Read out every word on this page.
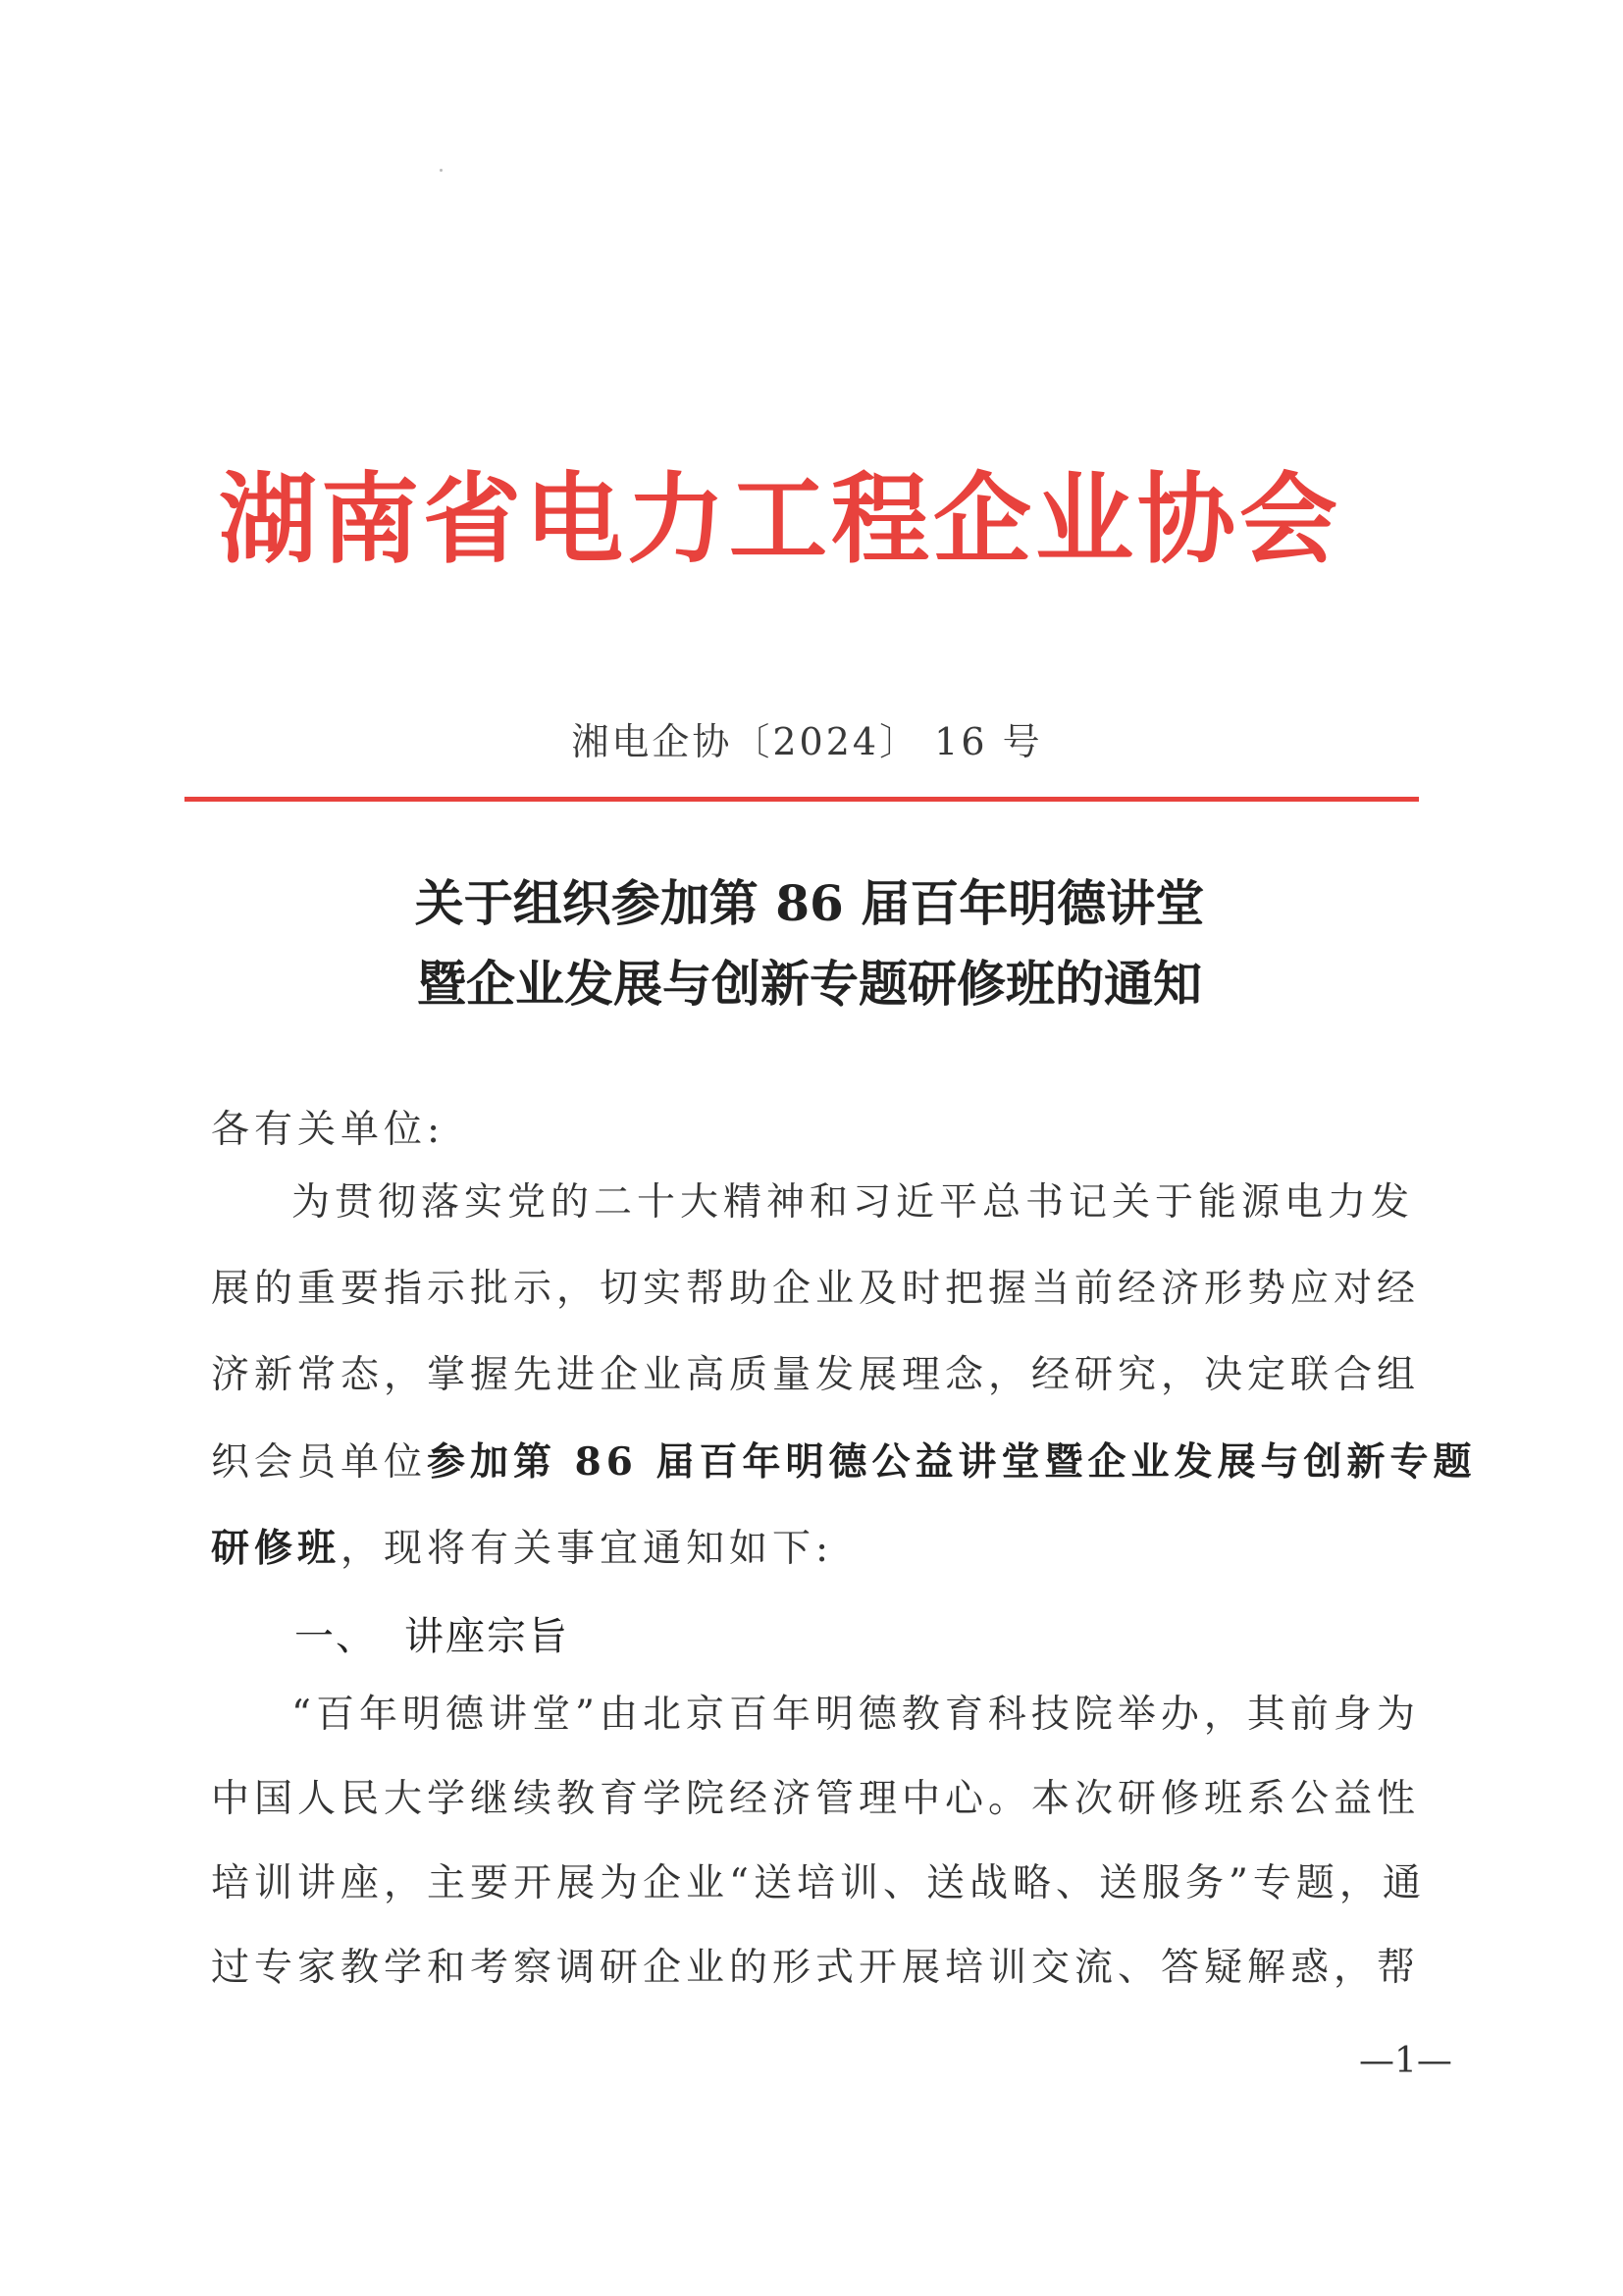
湖南省电力工程企业协会
湘电企协〔2024〕 16 号
关于组织参加第 86 届百年明德讲堂
暨企业发展与创新专题研修班的通知
各有关单位:
为贯彻落实党的二十大精神和习近平总书记关于能源电力发
展的重要指示批示，切实帮助企业及时把握当前经济形势应对经
济新常态，掌握先进企业高质量发展理念，经研究，决定联合组
织会员单位参加第 86 届百年明德公益讲堂暨企业发展与创新专题
研修班，现将有关事宜通知如下:
一、 讲座宗旨
“百年明德讲堂”由北京百年明德教育科技院举办，其前身为
中国人民大学继续教育学院经济管理中心。本次研修班系公益性
培训讲座，主要开展为企业“送培训、送战略、送服务”专题，通
过专家教学和考察调研企业的形式开展培训交流、答疑解惑，帮
—1—
